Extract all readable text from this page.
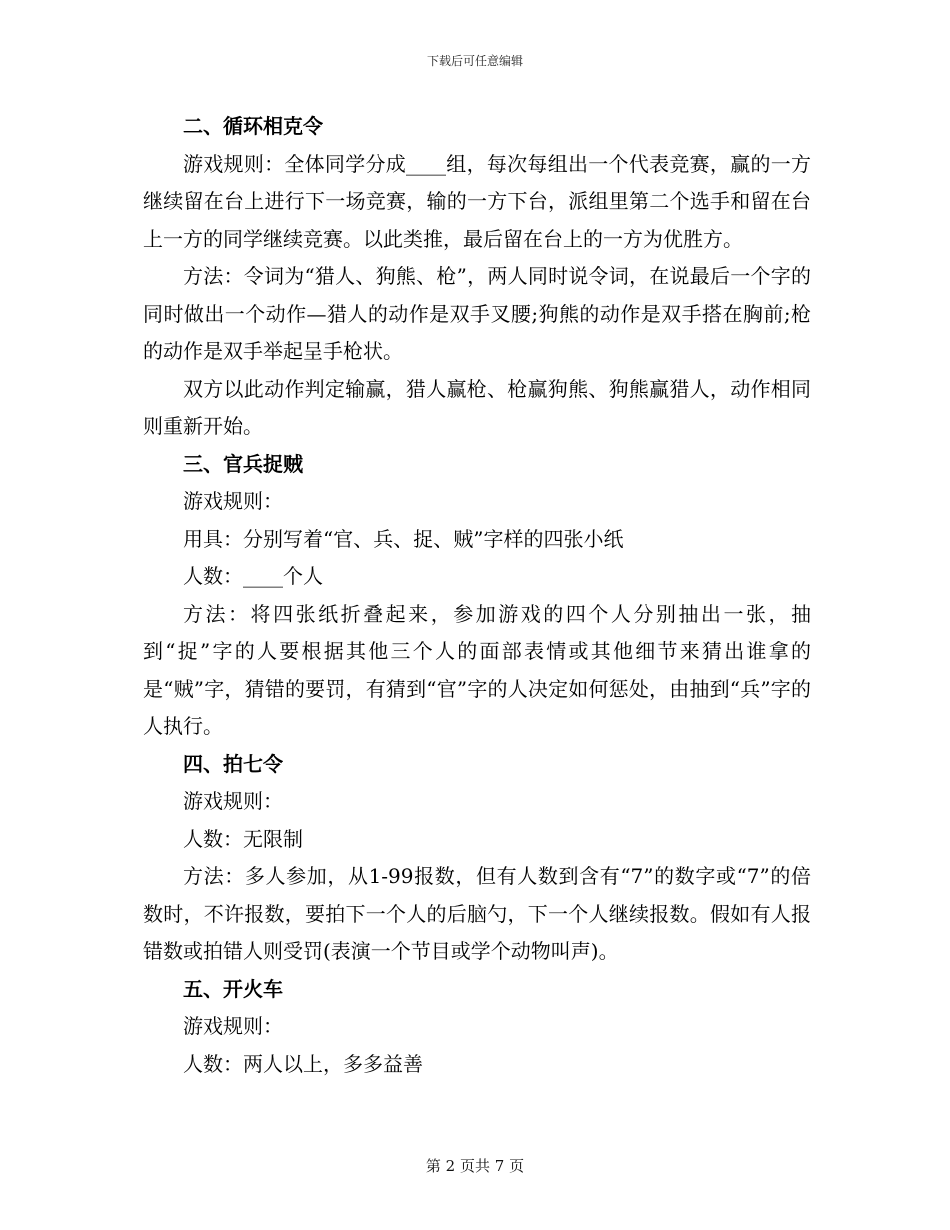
下载后可任意编辑

二、循环相克令

游戏规则：全体同学分成____组，每次每组出一个代表竞赛，赢的一方继续留在台上进行下一场竞赛，输的一方下台，派组里第二个选手和留在台上一方的同学继续竞赛。以此类推，最后留在台上的一方为优胜方。

方法：令词为“猎人、狗熊、枪”，两人同时说令词，在说最后一个字的同时做出一个动作—猎人的动作是双手叉腰;狗熊的动作是双手搭在胸前;枪的动作是双手举起呈手枪状。

双方以此动作判定输赢，猎人赢枪、枪赢狗熊、狗熊赢猎人，动作相同则重新开始。

三、官兵捉贼

游戏规则：

用具：分别写着“官、兵、捉、贼”字样的四张小纸

人数：____个人

方法：将四张纸折叠起来，参加游戏的四个人分别抽出一张，抽到“捉”字的人要根据其他三个人的面部表情或其他细节来猜出谁拿的是“贼”字，猜错的要罚，有猜到“官”字的人决定如何惩处，由抽到“兵”字的人执行。

四、拍七令

游戏规则：

人数：无限制

方法：多人参加，从1-99报数，但有人数到含有“7”的数字或“7”的倍数时，不许报数，要拍下一个人的后脑勺，下一个人继续报数。假如有人报错数或拍错人则受罚(表演一个节目或学个动物叫声)。

五、开火车

游戏规则：

人数：两人以上，多多益善

第 2 页共 7 页
